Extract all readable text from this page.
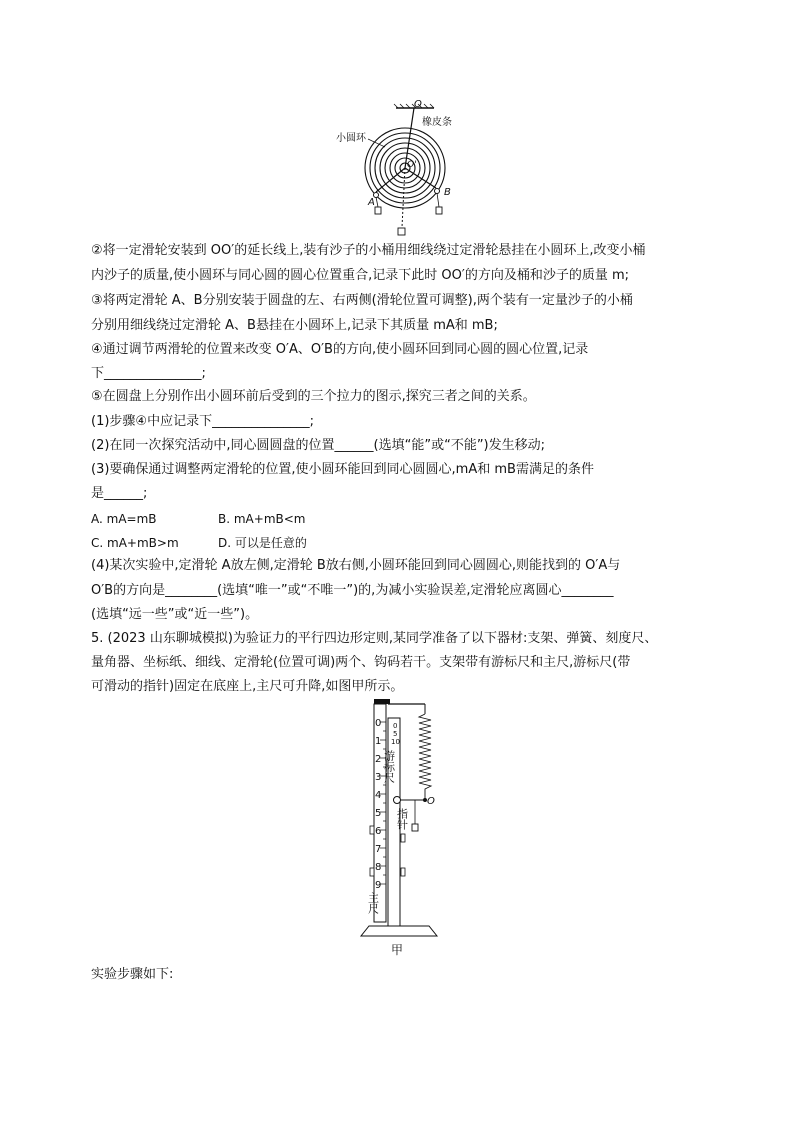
O
橡皮条
小圆环
O'
A
B
②将一定滑轮安装到 OO′的延长线上,装有沙子的小桶用细线绕过定滑轮悬挂在小圆环上,改变小桶
内沙子的质量,使小圆环与同心圆的圆心位置重合,记录下此时 OO′的方向及桶和沙子的质量 m;
③将两定滑轮 A、B分别安装于圆盘的左、右两侧(滑轮位置可调整),两个装有一定量沙子的小桶
分别用细线绕过定滑轮 A、B悬挂在小圆环上,记录下其质量 mA和 mB;
④通过调节两滑轮的位置来改变 O′A、O′B的方向,使小圆环回到同心圆的圆心位置,记录
下_______________;
⑤在圆盘上分别作出小圆环前后受到的三个拉力的图示,探究三者之间的关系。
(1)步骤④中应记录下_______________;
(2)在同一次探究活动中,同心圆圆盘的位置______(选填“能”或“不能”)发生移动;
(3)要确保通过调整两定滑轮的位置,使小圆环能回到同心圆圆心,mA和 mB需满足的条件
是______;
A. mA=mB	B. mA+mB<m
C. mA+mB>m	D. 可以是任意的
(4)某次实验中,定滑轮 A放左侧,定滑轮 B放右侧,小圆环能回到同心圆圆心,则能找到的 O′A与
O′B的方向是________(选填“唯一”或“不唯一”)的,为减小实验误差,定滑轮应离圆心________
(选填“远一些”或“近一些”)。
5. (2023 山东聊城模拟)为验证力的平行四边形定则,某同学准备了以下器材:支架、弹簧、刻度尺、
量角器、坐标纸、细线、定滑轮(位置可调)两个、钩码若干。支架带有游标尺和主尺,游标尺(带
可滑动的指针)固定在底座上,主尺可升降,如图甲所示。
0
1
2
3
4
5
6
7
8
9
主尺
0
5
10
游标尺
O
指针
甲
实验步骤如下:
